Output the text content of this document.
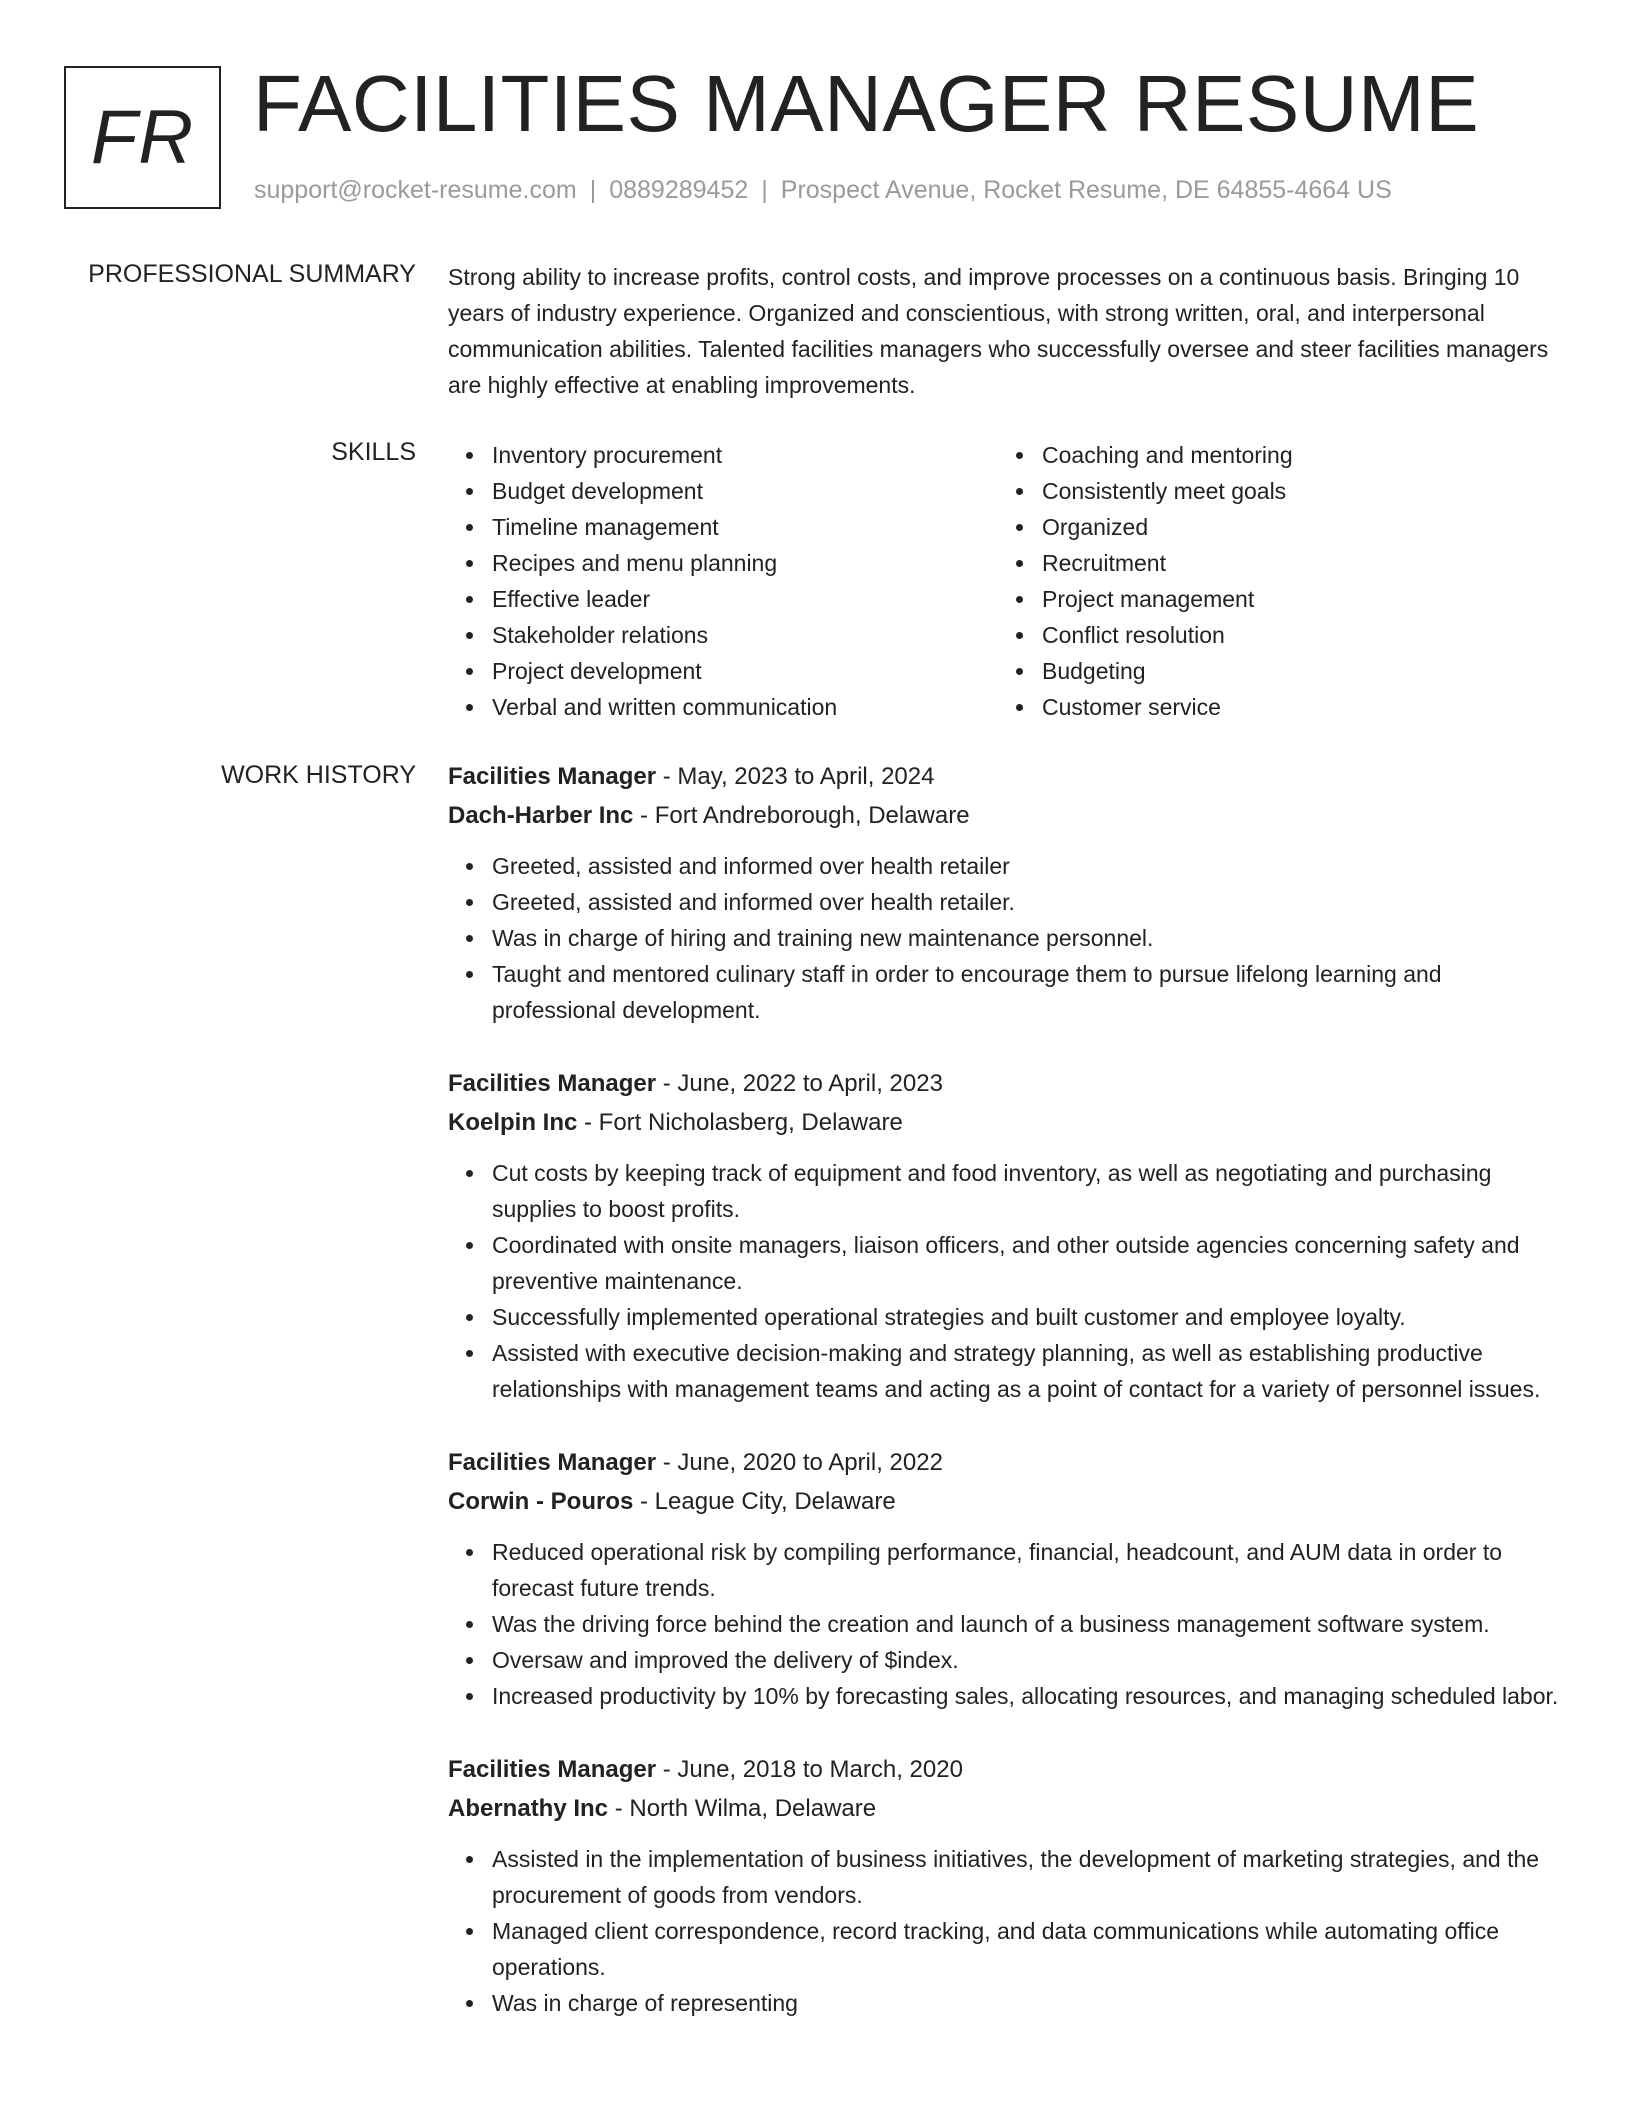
FR FACILITIES MANAGER RESUME
support@rocket-resume.com | 0889289452 | Prospect Avenue, Rocket Resume, DE 64855-4664 US
PROFESSIONAL SUMMARY Strong ability to increase profits, control costs, and improve processes on a continuous basis. Bringing 10 years of industry experience. Organized and conscientious, with strong written, oral, and interpersonal communication abilities. Talented facilities managers who successfully oversee and steer facilities managers are highly effective at enabling improvements.

SKILLS	Inventory procurement
Budget development
Timeline management
Recipes and menu planning
Effective leader
Stakeholder relations
Project development
Verbal and written communication
Coaching and mentoring
Consistently meet goals
Organized
Recruitment
Project management
Conflict resolution
Budgeting
Customer service
WORK HISTORY Facilities Manager - May, 2023 to April, 2024
Dach-Harber Inc - Fort Andreborough, Delaware
Greeted, assisted and informed over health retailer
Greeted, assisted and informed over health retailer.
Was in charge of hiring and training new maintenance personnel.
Taught and mentored culinary staff in order to encourage them to pursue lifelong learning and professional development.
Facilities Manager - June, 2022 to April, 2023
Koelpin Inc - Fort Nicholasberg, Delaware
Cut costs by keeping track of equipment and food inventory, as well as negotiating and purchasing supplies to boost profits.
Coordinated with onsite managers, liaison officers, and other outside agencies concerning safety and preventive maintenance.
Successfully implemented operational strategies and built customer and employee loyalty.
Assisted with executive decision-making and strategy planning, as well as establishing productive relationships with management teams and acting as a point of contact for a variety of personnel issues.
Facilities Manager - June, 2020 to April, 2022
Corwin - Pouros - League City, Delaware
Reduced operational risk by compiling performance, financial, headcount, and AUM data in order to forecast future trends.
Was the driving force behind the creation and launch of a business management software system.
Oversaw and improved the delivery of $index.
Increased productivity by 10% by forecasting sales, allocating resources, and managing scheduled labor.
Facilities Manager - June, 2018 to March, 2020
Abernathy Inc - North Wilma, Delaware
Assisted in the implementation of business initiatives, the development of marketing strategies, and the procurement of goods from vendors.
Managed client correspondence, record tracking, and data communications while automating office operations.
Was in charge of representing
